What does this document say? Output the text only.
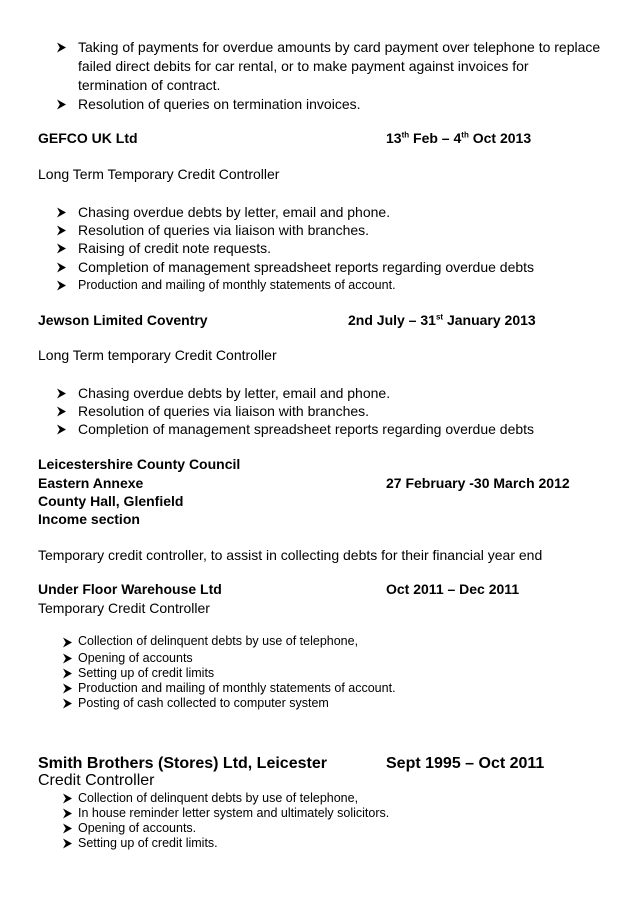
Taking of payments for overdue amounts by card payment over telephone to replace
failed direct debits for car rental, or to make payment against invoices for
termination of contract.
Resolution of queries on termination invoices.
GEFCO UK Ltd	13th Feb – 4th Oct 2013
Long Term Temporary Credit Controller
Chasing overdue debts by letter, email and phone.
Resolution of queries via liaison with branches.
Raising of credit note requests.
Completion of management spreadsheet reports regarding overdue debts
Production and mailing of monthly statements of account.
Jewson Limited Coventry	2nd July – 31st January 2013
Long Term temporary Credit Controller
Chasing overdue debts by letter, email and phone.
Resolution of queries via liaison with branches.
Completion of management spreadsheet reports regarding overdue debts
Leicestershire County Council
Eastern Annexe	27 February -30 March 2012
County Hall, Glenfield
Income section
Temporary credit controller, to assist in collecting debts for their financial year end
Under Floor Warehouse Ltd	Oct 2011 – Dec 2011
Temporary Credit Controller
Collection of delinquent debts by use of telephone,
Opening of accounts
Setting up of credit limits
Production and mailing of monthly statements of account.
Posting of cash collected to computer system
Smith Brothers (Stores) Ltd, Leicester	Sept 1995 – Oct 2011
Credit Controller
Collection of delinquent debts by use of telephone,
In house reminder letter system and ultimately solicitors.
Opening of accounts.
Setting up of credit limits.
